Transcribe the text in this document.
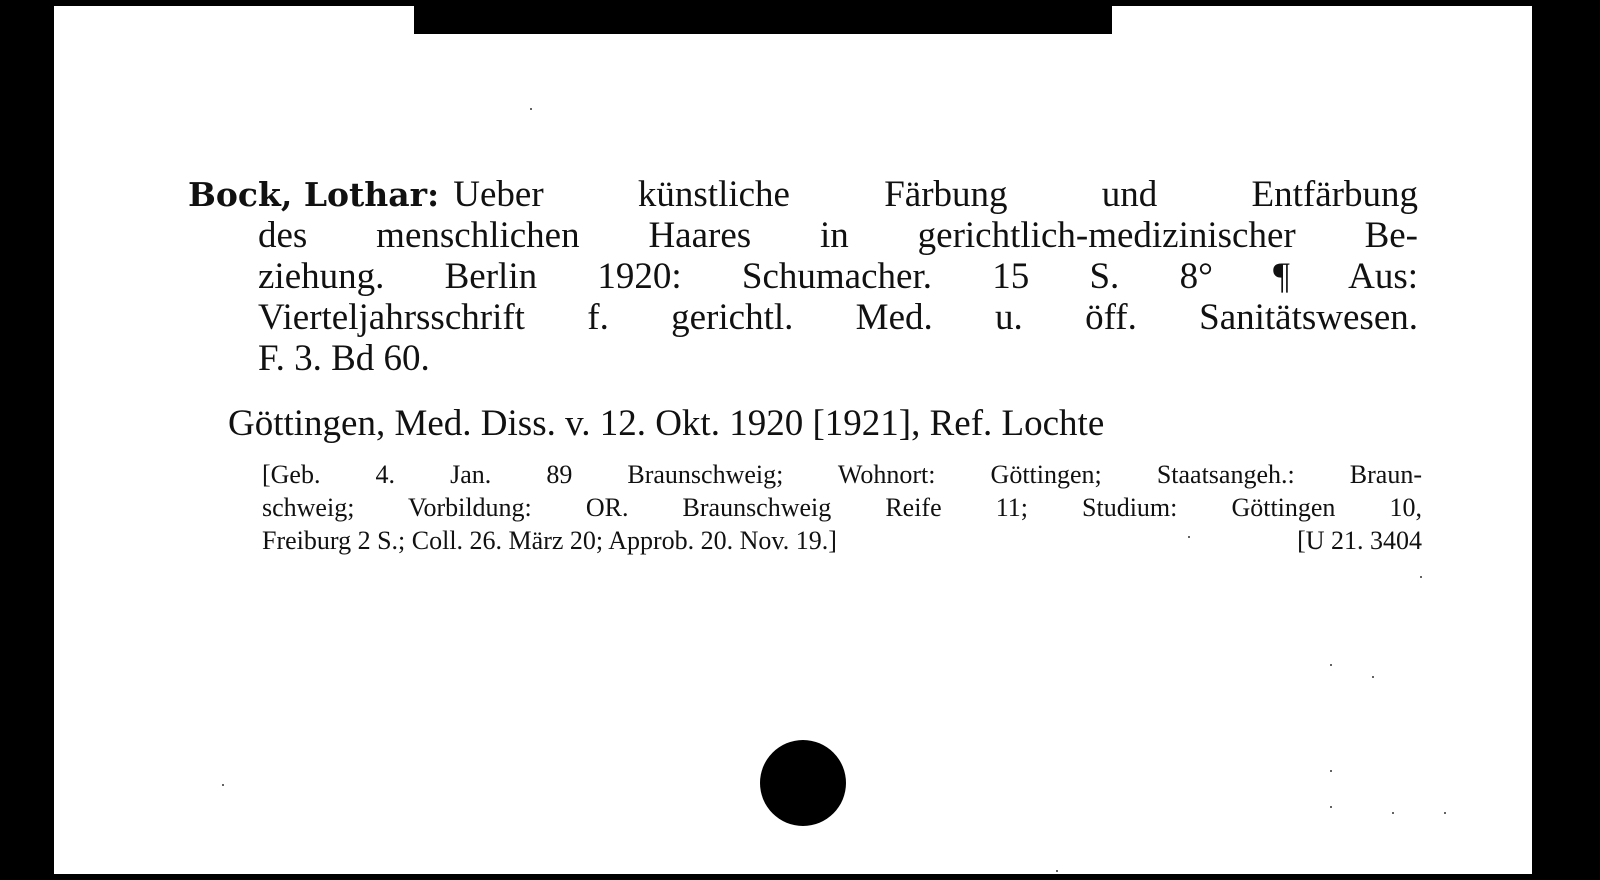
Bock, Lothar: Ueber künstliche Färbung und Entfärbung
des menschlichen Haares in gerichtlich-medizinischer Be-
ziehung. Berlin 1920: Schumacher. 15 S. 8° ¶ Aus:
Vierteljahrsschrift f. gerichtl. Med. u. öff. Sanitätswesen.
F. 3. Bd 60.
Göttingen, Med. Diss. v. 12. Okt. 1920 [1921], Ref. Lochte
[Geb. 4. Jan. 89 Braunschweig; Wohnort: Göttingen; Staatsangeh.: Braun-
schweig; Vorbildung: OR. Braunschweig Reife 11; Studium: Göttingen 10,
Freiburg 2 S.; Coll. 26. März 20; Approb. 20. Nov. 19.]	[U 21. 3404
